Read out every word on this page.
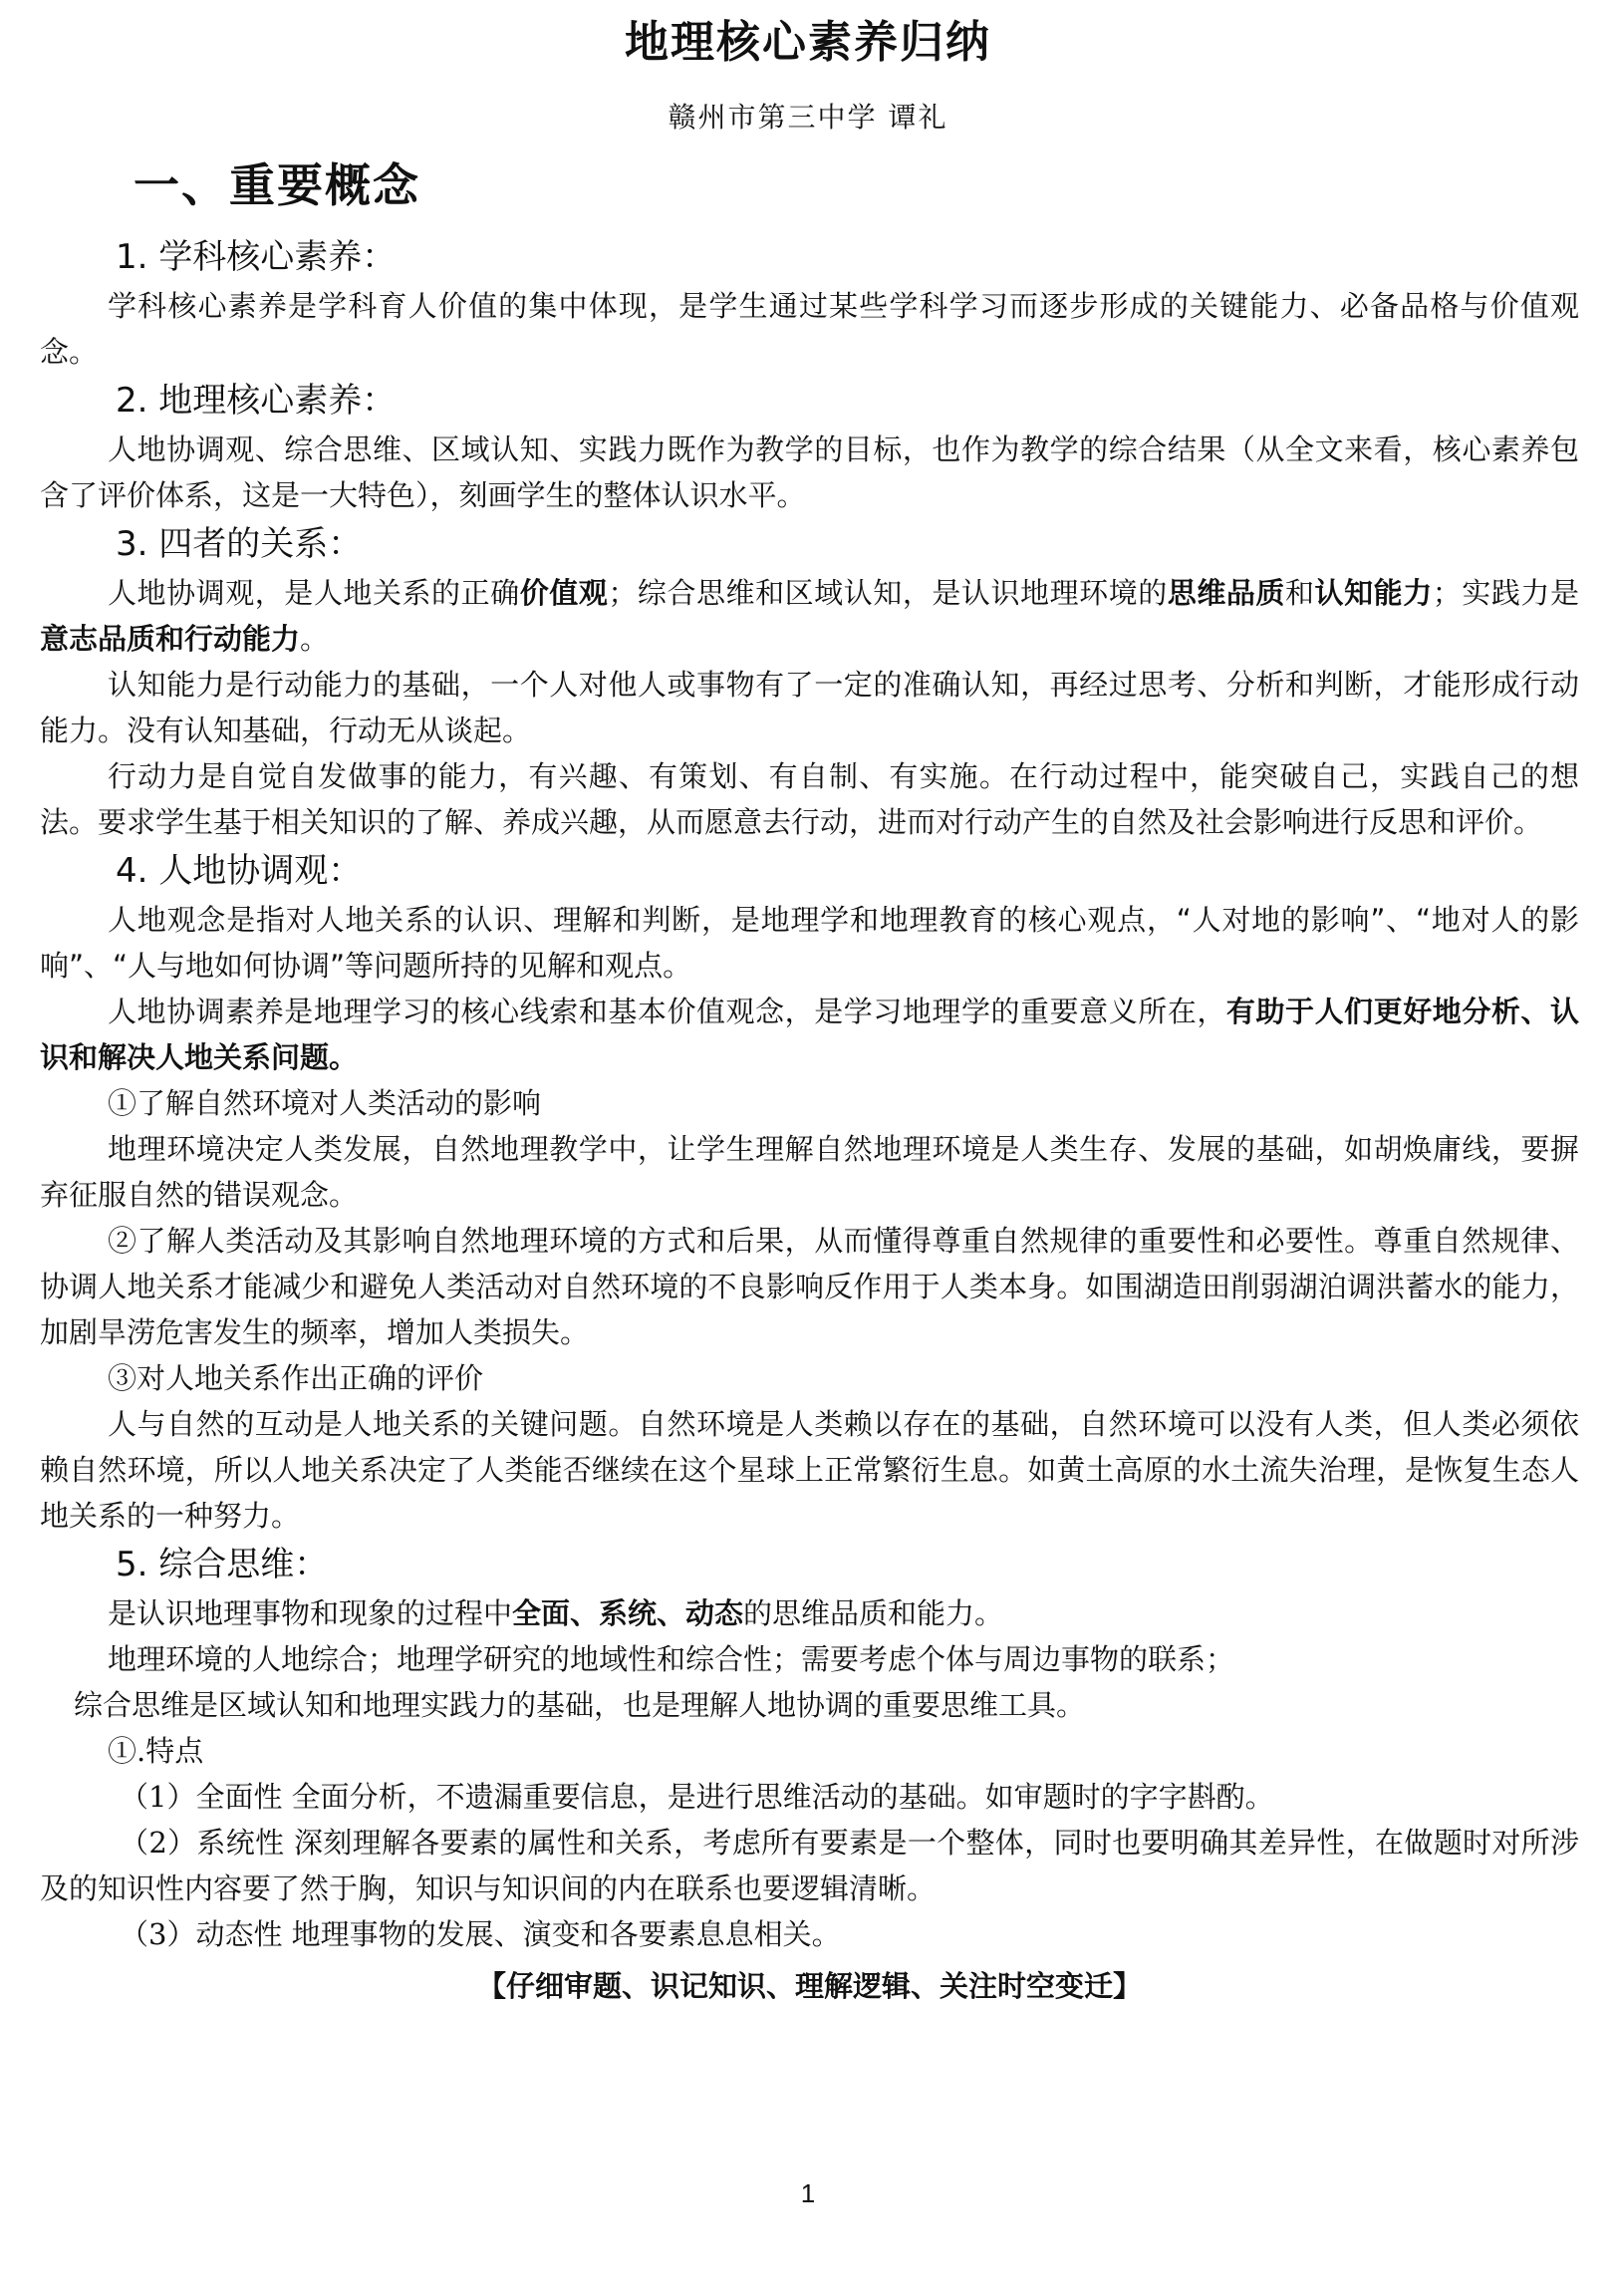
地理核心素养归纳
赣州市第三中学 谭礼
一、重要概念

1. 学科核心素养：

学科核心素养是学科育人价值的集中体现，是学生通过某些学科学习而逐步形成的关键能力、必备品格与价值观念。

2. 地理核心素养：

人地协调观、综合思维、区域认知、实践力既作为教学的目标，也作为教学的综合结果（从全文来看，核心素养包含了评价体系，这是一大特色），刻画学生的整体认识水平。

3. 四者的关系：

人地协调观，是人地关系的正确价值观；综合思维和区域认知，是认识地理环境的思维品质和认知能力；实践力是意志品质和行动能力。

认知能力是行动能力的基础，一个人对他人或事物有了一定的准确认知，再经过思考、分析和判断，才能形成行动能力。没有认知基础，行动无从谈起。

行动力是自觉自发做事的能力，有兴趣、有策划、有自制、有实施。在行动过程中，能突破自己，实践自己的想法。要求学生基于相关知识的了解、养成兴趣，从而愿意去行动，进而对行动产生的自然及社会影响进行反思和评价。

4. 人地协调观：

人地观念是指对人地关系的认识、理解和判断，是地理学和地理教育的核心观点，“人对地的影响”、“地对人的影响”、“人与地如何协调”等问题所持的见解和观点。

人地协调素养是地理学习的核心线索和基本价值观念，是学习地理学的重要意义所在，有助于人们更好地分析、认识和解决人地关系问题。

①了解自然环境对人类活动的影响

地理环境决定人类发展，自然地理教学中，让学生理解自然地理环境是人类生存、发展的基础，如胡焕庸线，要摒弃征服自然的错误观念。

②了解人类活动及其影响自然地理环境的方式和后果，从而懂得尊重自然规律的重要性和必要性。尊重自然规律、协调人地关系才能减少和避免人类活动对自然环境的不良影响反作用于人类本身。如围湖造田削弱湖泊调洪蓄水的能力，加剧旱涝危害发生的频率，增加人类损失。

③对人地关系作出正确的评价

人与自然的互动是人地关系的关键问题。自然环境是人类赖以存在的基础，自然环境可以没有人类，但人类必须依赖自然环境，所以人地关系决定了人类能否继续在这个星球上正常繁衍生息。如黄土高原的水土流失治理，是恢复生态人地关系的一种努力。

5. 综合思维：

是认识地理事物和现象的过程中全面、系统、动态的思维品质和能力。

地理环境的人地综合；地理学研究的地域性和综合性；需要考虑个体与周边事物的联系；

综合思维是区域认知和地理实践力的基础，也是理解人地协调的重要思维工具。

①.特点

（1）全面性 全面分析，不遗漏重要信息，是进行思维活动的基础。如审题时的字字斟酌。

（2）系统性 深刻理解各要素的属性和关系，考虑所有要素是一个整体，同时也要明确其差异性，在做题时对所涉及的知识性内容要了然于胸，知识与知识间的内在联系也要逻辑清晰。

（3）动态性 地理事物的发展、演变和各要素息息相关。

【仔细审题、识记知识、理解逻辑、关注时空变迁】

1
